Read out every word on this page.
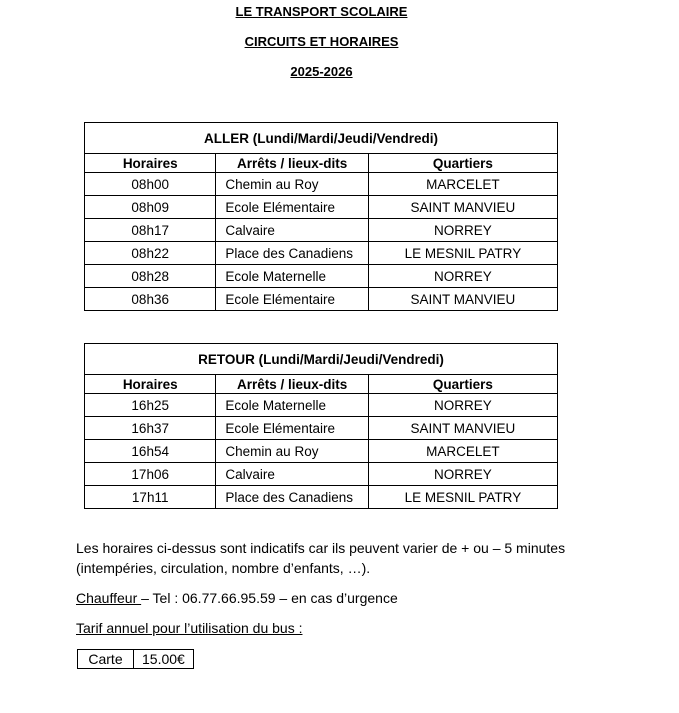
LE TRANSPORT SCOLAIRE
CIRCUITS ET HORAIRES
2025-2026
ALLER (Lundi/Mardi/Jeudi/Vendredi)		
Horaires	Arrêts / lieux-dits	Quartiers
08h00	Chemin au Roy	MARCELET
08h09	Ecole Elémentaire	SAINT MANVIEU
08h17	Calvaire	NORREY
08h22	Place des Canadiens	LE MESNIL PATRY
08h28	Ecole Maternelle	NORREY
08h36	Ecole Elémentaire	SAINT MANVIEU
RETOUR (Lundi/Mardi/Jeudi/Vendredi)		
Horaires	Arrêts / lieux-dits	Quartiers
16h25	Ecole Maternelle	NORREY
16h37	Ecole Elémentaire	SAINT MANVIEU
16h54	Chemin au Roy	MARCELET
17h06	Calvaire	NORREY
17h11	Place des Canadiens	LE MESNIL PATRY
Les horaires ci-dessus sont indicatifs car ils peuvent varier de + ou – 5 minutes
(intempéries, circulation, nombre d’enfants, …).
Chauffeur – Tel : 06.77.66.95.59 – en cas d’urgence
Tarif annuel pour l’utilisation du bus :
Carte	15.00€
